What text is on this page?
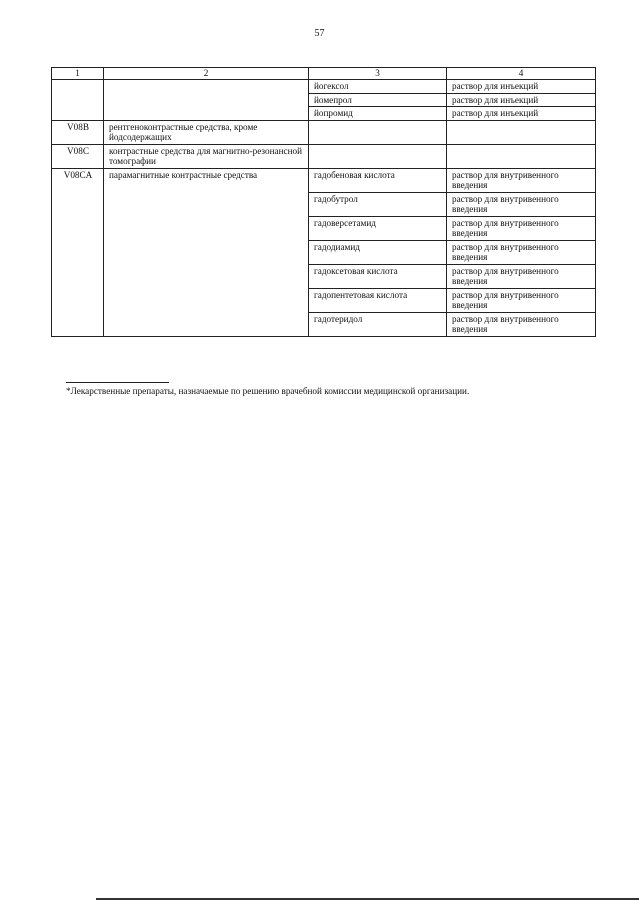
57
1	2	3	4
		йогексол	раствор для инъекций
		йомепрол	раствор для инъекций
		йопромид	раствор для инъекций
V08B	рентгеноконтрастные средства, кроме йодсодержащих		
V08C	контрастные средства для магнитно-резонансной томографии		
V08CA	парамагнитные контрастные средства	гадобеновая кислота	раствор для внутривенного введения
		гадобутрол	раствор для внутривенного введения
		гадоверсетамид	раствор для внутривенного введения
		гадодиамид	раствор для внутривенного введения
		гадоксетовая кислота	раствор для внутривенного введения
		гадопентетовая кислота	раствор для внутривенного введения
		гадотеридол	раствор для внутривенного введения
*Лекарственные препараты, назначаемые по решению врачебной комиссии медицинской организации.
